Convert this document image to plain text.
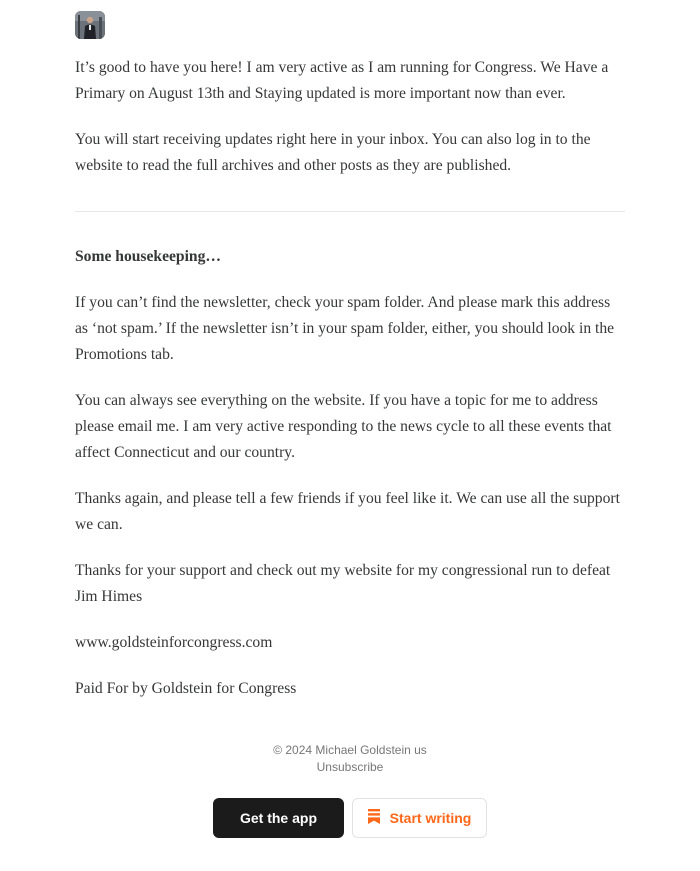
It’s good to have you here! I am very active as I am running for Congress. We Have a Primary on August 13th and Staying updated is more important now than ever.

You will start receiving updates right here in your inbox. You can also log in to the website to read the full archives and other posts as they are published.

Some housekeeping…

If you can’t find the newsletter, check your spam folder. And please mark this address as ‘not spam.’ If the newsletter isn’t in your spam folder, either, you should look in the Promotions tab.

You can always see everything on the website. If you have a topic for me to address please email me. I am very active responding to the news cycle to all these events that affect Connecticut and our country.

Thanks again, and please tell a few friends if you feel like it. We can use all the support we can.

Thanks for your support and check out my website for my congressional run to defeat Jim Himes

www.goldsteinforcongress.com

Paid For by Goldstein for Congress

© 2024 Michael Goldstein us
Unsubscribe
Get the app	Start writing
